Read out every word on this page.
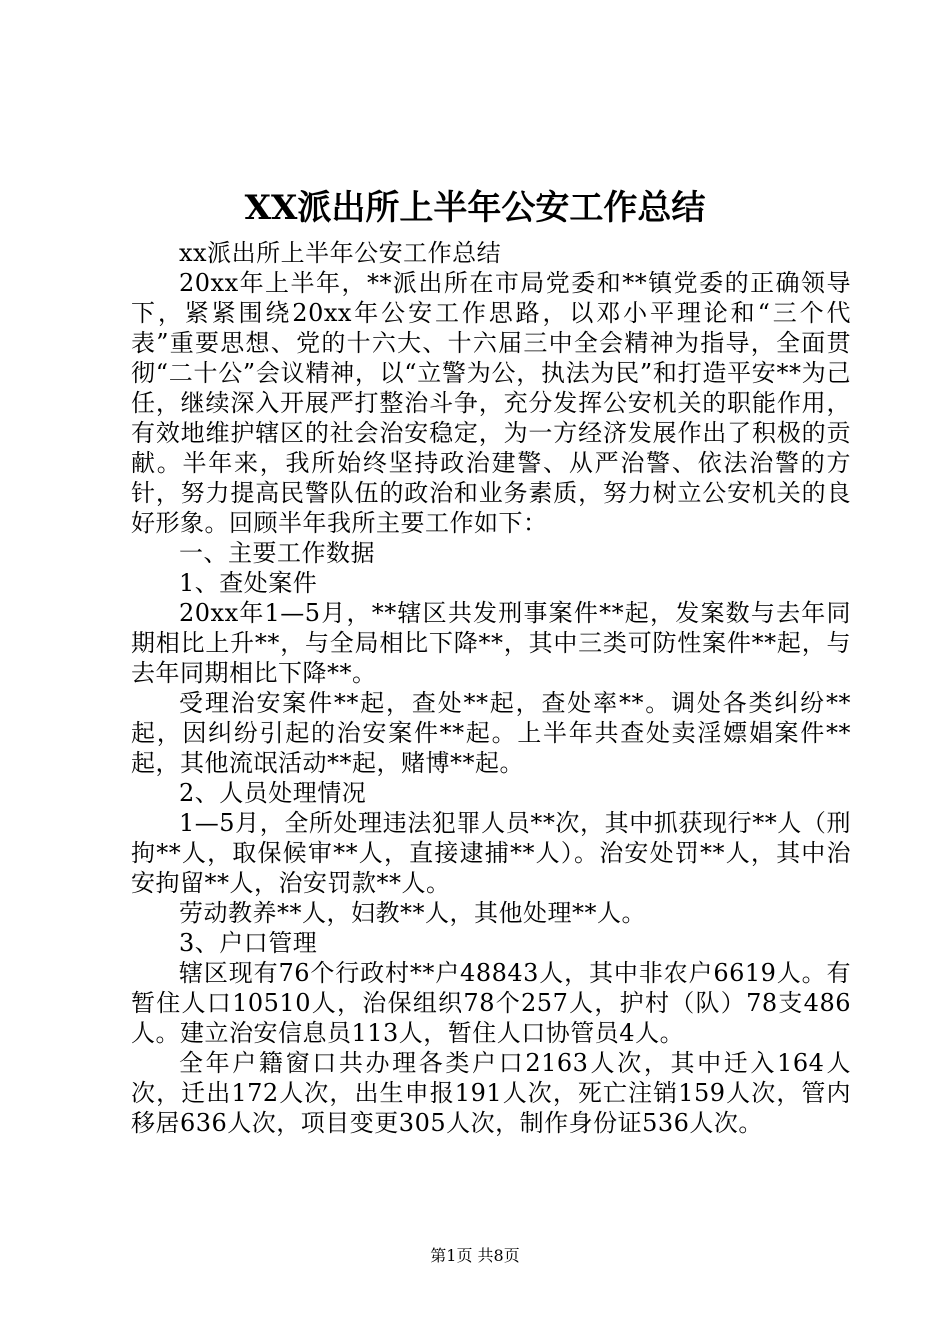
XX派出所上半年公安工作总结

xx派出所上半年公安工作总结

20xx年上半年，**派出所在市局党委和**镇党委的正确领导下，紧紧围绕20xx年公安工作思路，以邓小平理论和“三个代表”重要思想、党的十六大、十六届三中全会精神为指导，全面贯彻“二十公”会议精神，以“立警为公，执法为民”和打造平安**为己任，继续深入开展严打整治斗争，充分发挥公安机关的职能作用，有效地维护辖区的社会治安稳定，为一方经济发展作出了积极的贡献。半年来，我所始终坚持政治建警、从严治警、依法治警的方针，努力提高民警队伍的政治和业务素质，努力树立公安机关的良好形象。回顾半年我所主要工作如下：

一、主要工作数据

1、查处案件

20xx年1—5月，**辖区共发刑事案件**起，发案数与去年同期相比上升**，与全局相比下降**，其中三类可防性案件**起，与去年同期相比下降**。

受理治安案件**起，查处**起，查处率**。调处各类纠纷**起，因纠纷引起的治安案件**起。上半年共查处卖淫嫖娼案件**起，其他流氓活动**起，赌博**起。

2、人员处理情况

1—5月，全所处理违法犯罪人员**次，其中抓获现行**人（刑拘**人，取保候审**人，直接逮捕**人）。治安处罚**人，其中治安拘留**人，治安罚款**人。

劳动教养**人，妇教**人，其他处理**人。

3、户口管理

辖区现有76个行政村**户48843人，其中非农户6619人。有暂住人口10510人，治保组织78个257人，护村（队）78支486人。建立治安信息员113人，暂住人口协管员4人。

全年户籍窗口共办理各类户口2163人次，其中迁入164人次，迁出172人次，出生申报191人次，死亡注销159人次，管内移居636人次，项目变更305人次，制作身份证536人次。

第1页 共8页
